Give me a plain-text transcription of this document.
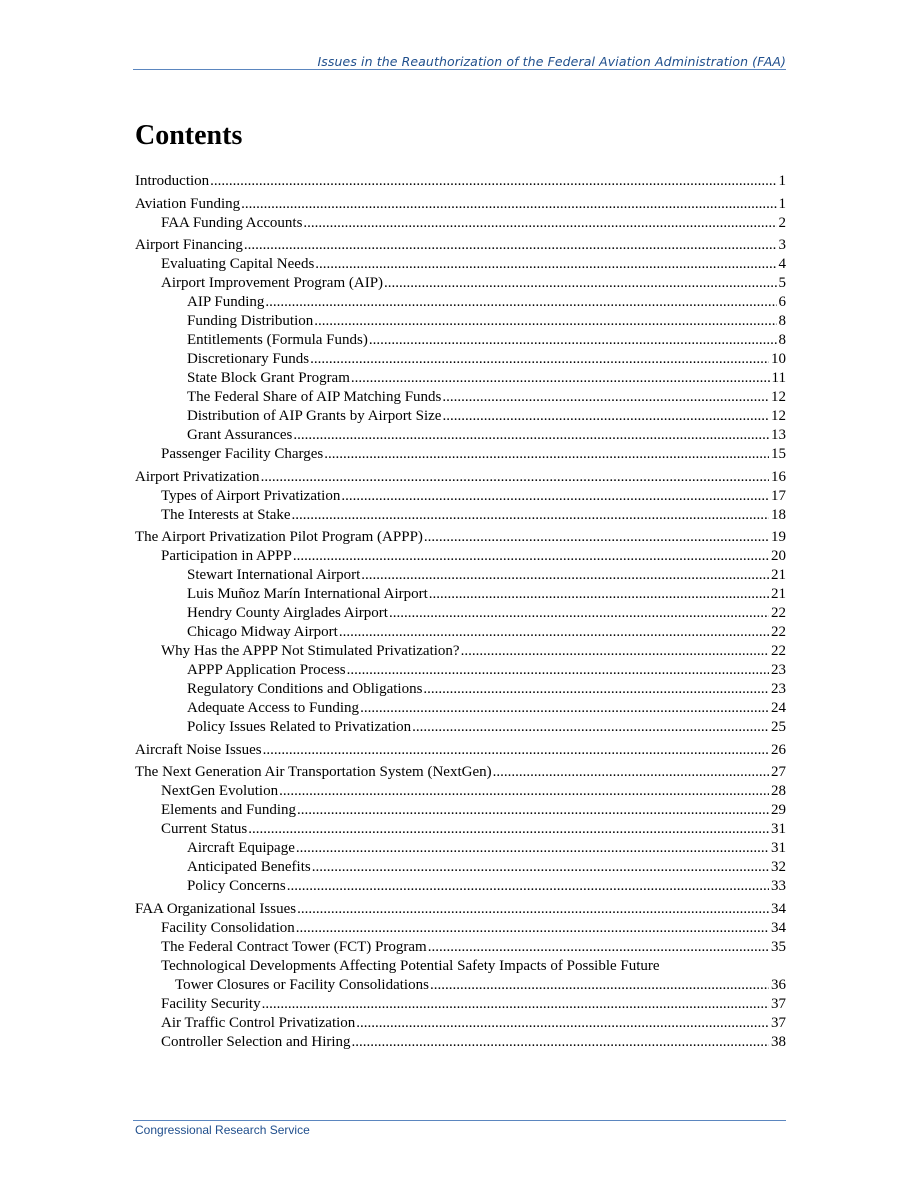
Issues in the Reauthorization of the Federal Aviation Administration (FAA)
Contents
Introduction .....	1
Aviation Funding .....	1
FAA Funding Accounts .....	2
Airport Financing .....	3
Evaluating Capital Needs .....	4
Airport Improvement Program (AIP) .....	5
AIP Funding .....	6
Funding Distribution .....	8
Entitlements (Formula Funds) .....	8
Discretionary Funds .....	10
State Block Grant Program .....	11
The Federal Share of AIP Matching Funds .....	12
Distribution of AIP Grants by Airport Size .....	12
Grant Assurances .....	13
Passenger Facility Charges .....	15
Airport Privatization .....	16
Types of Airport Privatization .....	17
The Interests at Stake .....	18
The Airport Privatization Pilot Program (APPP) .....	19
Participation in APPP .....	20
Stewart International Airport .....	21
Luis Muñoz Marín International Airport .....	21
Hendry County Airglades Airport .....	22
Chicago Midway Airport .....	22
Why Has the APPP Not Stimulated Privatization? .....	22
APPP Application Process .....	23
Regulatory Conditions and Obligations .....	23
Adequate Access to Funding .....	24
Policy Issues Related to Privatization .....	25
Aircraft Noise Issues .....	26
The Next Generation Air Transportation System (NextGen) .....	27
NextGen Evolution .....	28
Elements and Funding .....	29
Current Status .....	31
Aircraft Equipage .....	31
Anticipated Benefits .....	32
Policy Concerns .....	33
FAA Organizational Issues .....	34
Facility Consolidation .....	34
The Federal Contract Tower (FCT) Program .....	35
Technological Developments Affecting Potential Safety Impacts of Possible Future
Tower Closures or Facility Consolidations .....	36
Facility Security .....	37
Air Traffic Control Privatization .....	37
Controller Selection and Hiring .....	38
Congressional Research Service
